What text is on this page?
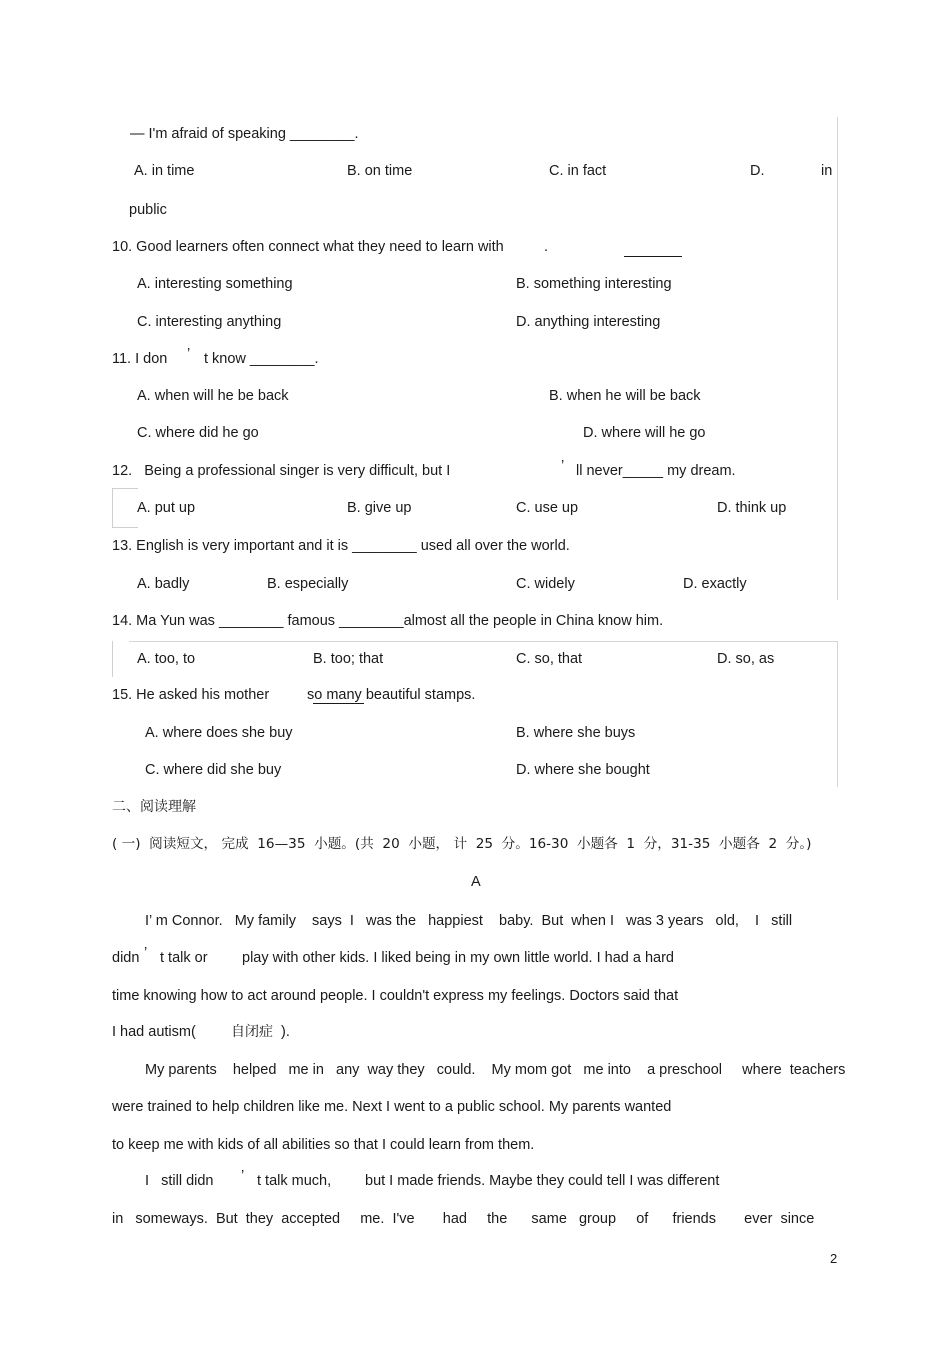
— I'm afraid of speaking ________.
A. in time	B. on time	C. in fact	D.	in
public
10. Good learners often connect what they need to learn with	.
A. interesting something	B. something interesting
C. interesting anything	D. anything interesting
11. I don ’ t know ________.
A. when will he be back	B. when he will be back
C. where did he go	D. where will he go
12.   Being a professional singer is very difficult, but I	’ ll never_____ my dream.
A. put up	B. give up	C. use up	D. think up
13. English is very important and it is ________ used all over the world.
A. badly	B. especially	C. widely	D. exactly
14. Ma Yun was ________ famous ________almost all the people in China know him.
A. too, to	B. too; that	C. so, that	D. so, as
15. He asked his mother	so many beautiful stamps.
A. where does she buy	B. where she buys
C. where did she buy	D. where she bought
二、阅读理解
( 一)  阅读短文， 完成  16—35  小题。(共  20  小题， 计  25  分。16-30  小题各  1  分，31-35  小题各  2  分。)
A
I’ m Connor.   My family    says  I   was the   happiest    baby.  But  when I   was 3 years   old,    I   still
didn ’ t talk or play with other kids. I liked being in my own little world. I had a hard
time knowing how to act around people. I couldn't express my feelings. Doctors said that
I had autism(	自闭症 ).
My parents    helped   me in   any  way they   could.    My mom got   me into    a preschool     where  teachers
were trained to help children like me. Next I went to a public school. My parents wanted
to keep me with kids of all abilities so that I could learn from them.
I   still didn ’ t talk much, but I made friends. Maybe they could tell I was different
in   someways.  But  they  accepted     me.  I've       had     the      same   group     of      friends       ever  since
2
